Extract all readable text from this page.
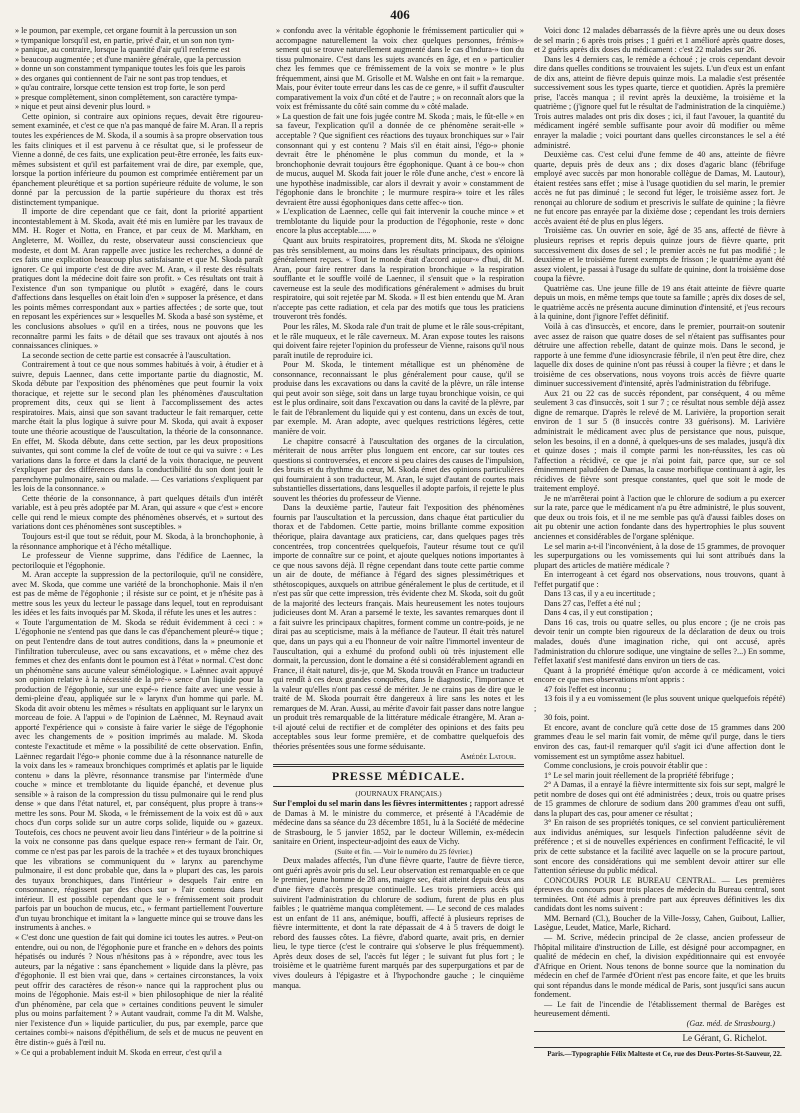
406

» le poumon, par exemple, cet organe fournit à la percussion un son

» tympanique lorsqu'il est, en partie, privé d'air, et un son non tym-

» panique, au contraire, lorsque la quantité d'air qu'il renferme est

» beaucoup augmentée ; et d'une manière générale, que la percussion

» donne un son constamment tympanique toutes les fois que les parois

» des organes qui contiennent de l'air ne sont pas trop tendues, et

» qu'au contraire, lorsque cette tension est trop forte, le son perd

» presque complètement, sinon complètement, son caractère tympa-

» nique et peut ainsi devenir plus lourd. »

Cette opinion, si contraire aux opinions reçues, devait être rigoureu-sement examinée, et c'est ce que n'a pas manqué de faire M. Aran. Il a repris toutes les expériences de M. Skoda, il a soumis à sa propre observation tous les faits cliniques et il est parvenu à ce résultat que, si le professeur de Vienne a donné, de ces faits, une explication peut-être erronée, les faits eux-mêmes subsistent et qu'il est parfaitement vrai de dire, par exemple, que, lorsque la portion inférieure du poumon est comprimée entièrement par un épanchement pleurétique et sa portion supérieure réduite de volume, le son donné par la percussion de la partie supérieure du thorax est très distinctement tympanique.

Il importe de dire cependant que ce fait, dont la priorité appartient incontestablement à M. Skoda, avait été mis en lumière par les travaux de MM. H. Roger et Notta, en France, et par ceux de M. Markham, en Angleterre, M. Woillez, du reste, observateur aussi consciencieux que modeste, et dont M. Aran rappelle avec justice les recherches, a donné de ces faits une explication beaucoup plus satisfaisante et que M. Skoda paraît ignorer. Ce qui importe c'est de dire avec M. Aran, « il reste des résultats pratiques dont la médecine doit faire son profit. » Ces résultats ont trait à l'existence d'un son tympanique ou plutôt » exagéré, dans le cours d'affections dans lesquelles on était loin d'en » supposer la présence, et dans les points mêmes correspondant aux » parties affectées ; de sorte que, tout en reposant les expériences sur » lesquelles M. Skoda a basé son système, et les conclusions absolues » qu'il en a tirées, nous ne pouvons que les reconnaître parmi les faits » de détail que ses travaux ont ajoutés à nos connaissances cliniques. »

La seconde section de cette partie est consacrée à l'auscultation.

Contrairement à tout ce que nous sommes habitués à voir, à étudier et à suivre, depuis Laennec, dans cette importante partie du diagnostic, M. Skoda débute par l'exposition des phénomènes que peut fournir la voix thoracique, et rejette sur le second plan les phénomènes d'auscultation proprement dits, ceux qui se lient à l'accomplissement des actes respiratoires. Mais, ainsi que son savant traducteur le fait remarquer, cette marche était la plus logique à suivre pour M. Skoda, qui avait à exposer toute une théorie acoustique de l'auscultation, la théorie de la consonnance. En effet, M. Skoda débute, dans cette section, par les deux propositions suivantes, qui sont comme la clef de voûte de tout ce qui va suivre : « Les variations dans la force et dans la clarté de la voix thoracique, ne peuvent s'expliquer par des différences dans la conductibilité du son dont jouit le parenchyme pulmonaire, sain ou malade. — Ces variations s'expliquent par les lois de la consonnance. »

Cette théorie de la consonnance, à part quelques détails d'un intérêt variable, est à peu près adoptée par M. Aran, qui assure « que c'est » encore celle qui rend le mieux compte des phénomènes observés, et » surtout des variations dont ces phénomènes sont susceptibles. »

Toujours est-il que tout se réduit, pour M. Skoda, à la bronchophonie, à la résonnance amphorique et à l'écho métallique.

Le professeur de Vienne supprime, dans l'édifice de Laennec, la pectoriloquie et l'égophonie.

M. Aran accepte la suppression de la pectoriloquie, qu'il ne considère, avec M. Skoda, que comme une variété de la bronchophonie. Mais il n'en est pas de même de l'égophonie ; il résiste sur ce point, et je n'hésite pas à mettre sous les yeux du lecteur le passage dans lequel, tout en reproduisant les idées et les faits invoqués par M. Skoda, il réfute les unes et les autres :

« Toute l'argumentation de M. Skoda se réduit évidemment à ceci : » L'égophonie ne s'entend pas que dans le cas d'épanchement pleuré-» tique ; on peut l'entendre dans de tout autres conditions, dans la » pneumonie et l'infiltration tuberculeuse, avec ou sans excavations, et » même chez des femmes et chez des enfants dont le poumon est à l'état » normal. C'est donc un phénomène sans aucune valeur séméiologique. » Laënnec avait appuyé son opinion relative à la nécessité de la pré-» sence d'un liquide pour la production de l'égophonie, sur une expé-» rience faite avec une vessie à demi-pleine d'eau, appliquée sur le » larynx d'un homme qui parle. M. Skoda dit avoir obtenu les mêmes » résultats en appliquant sur le larynx un morceau de foie. A l'appui » de l'opinion de Laënnec, M. Reynaud avait apporté l'expérience qui » consiste à faire varier le siège de l'égophonie avec les changements de » position imprimés au malade. M. Skoda conteste l'exactitude et même » la possibilité de cette observation. Enfin, Laënnec regardait l'égo-» phonie comme due à la résonnance naturelle de la voix dans les » rameaux bronchiques comprimés et aplatis par le liquide contenu » dans la plèvre, résonnance transmise par l'intermède d'une couche » mince et tremblotante du liquide épanché, et devenue plus sensible » à raison de la compression du tissu pulmonaire qui le rend plus dense » que dans l'état naturel, et, par conséquent, plus propre à trans-» mettre les sons. Pour M. Skoda, « le frémissement de la voix est dû » aux chocs d'un corps solide sur un autre corps solide, liquide ou » gazeux. Toutefois, ces chocs ne peuvent avoir lieu dans l'intérieur » de la poitrine si la voix ne consonne pas dans quelque espace ren-» fermant de l'air. Or, comme ce n'est pas par les parois de la trachée » et des tuyaux bronchiques que les vibrations se communiquent du » larynx au parenchyme pulmonaire, il est donc probable que, dans la » plupart des cas, les parois des tuyaux bronchiques, dans l'intérieur » desquels l'air entre en consonnance, réagissent par des chocs sur » l'air contenu dans leur intérieur. Il est possible cependant que le » frémissement soit produit parfois par un bouchon de mucus, etc., » fermant partiellement l'ouverture d'un tuyau bronchique et imitant la » languette mince qui se trouve dans les instruments à anches. »

« C'est donc une question de fait qui domine ici toutes les autres. » Peut-on entendre, oui ou non, de l'égophonie pure et franche en » dehors des points hépatisés ou indurés ? Nous n'hésitons pas à » répondre, avec tous les auteurs, par la négative : sans épanchement » liquide dans la plèvre, pas d'égophonie. Il est bien vrai que, dans » certaines circonstances, la voix peut offrir des caractères de réson-» nance qui la rapprochent plus ou moins de l'égophonie. Mais est-il » bien philosophique de nier la réalité d'un phénomène, par cela que » certaines conditions peuvent le simuler plus ou moins parfaitement ? » Autant vaudrait, comme l'a dit M. Walshe, nier l'existence d'un » liquide particulier, du pus, par exemple, parce que certaines combi-» naisons d'épithélium, de sels et de mucus ne peuvent en être distin-» gués à l'œil nu.

» Ce qui a probablement induit M. Skoda en erreur, c'est qu'il a

» confondu avec la véritable égophonie le frémissement particulier qui » accompagne naturellement la voix chez quelques personnes, frémis-» sement qui se trouve naturellement augmenté dans le cas d'indura-» tion du tissu pulmonaire. C'est dans les sujets avancés en âge, et en » particulier chez les femmes que ce frémissement de la voix se montre » le plus fréquemment, ainsi que M. Grisolle et M. Walshe en ont fait » la remarque. Mais, pour éviter toute erreur dans les cas de ce genre, » il suffit d'ausculter comparativement la voix d'un côté et de l'autre ; » on reconnaît alors que la voix est frémissante du côté sain comme du » côté malade.

» La question de fait une fois jugée contre M. Skoda ; mais, le fût-elle » en sa faveur, l'explication qu'il a donnée de ce phénomène serait-elle » acceptable ? Que signifient ces réactions des tuyaux bronchiques sur » l'air consonnant qui y est contenu ? Mais s'il en était ainsi, l'égo-» phonie devrait être le phénomène le plus commun du monde, et la » bronchophonie devrait toujours être égophonique. Quant à ce bou-» chon de mucus, auquel M. Skoda fait jouer le rôle d'une anche, c'est » encore là une hypothèse inadmissible, car alors il devrait y avoir » constamment de l'égophonie dans le bronchite ; le murmure respira-» toire et les râles devraient être aussi égophoniques dans cette affec-» tion.

» L'explication de Laennec, celle qui fait intervenir la couche mince » et tremblotante du liquide pour la production de l'égophonie, reste » donc encore la plus acceptable...... »

Quant aux bruits respiratoires, proprement dits, M. Skoda ne s'éloigne pas très sensiblement, au moins dans les résultats principaux, des opinions généralement reçues. « Tout le monde était d'accord aujour-» d'hui, dit M. Aran, pour faire rentrer dans la respiration bronchique » la respiration soufflante et le souffle voilé de Laennec, il s'ensuit que » la respiration caverneuse est la seule des modifications généralement » admises du bruit respiratoire, qui soit rejetée par M. Skoda. » Il est bien entendu que M. Aran n'accepte pas cette radiation, et cela par des motifs que tous les praticiens trouveront très fondés.

Pour les râles, M. Skoda rale d'un trait de plume et le râle sous-crépitant, et le râle muqueux, et le râle caverneux. M. Aran expose toutes les raisons qui doivent faire rejeter l'opinion du professeur de Vienne, raisons qu'il nous paraît inutile de reproduire ici.

Pour M. Skoda, le tintement métallique est un phénomène de consonnance, reconnaissant le plus généralement pour cause, qu'il se produise dans les excavations ou dans la cavité de la plèvre, un râle intense qui peut avoir son siège, soit dans un large tuyau bronchique voisin, ce qui est le plus ordinaire, soit dans l'excavation ou dans la cavité de la plèvre, par le fait de l'ébranlement du liquide qui y est contenu, dans un excès de tout, par exemple. M. Aran adopte, avec quelques restrictions légères, cette manière de voir.

Le chapitre consacré à l'auscultation des organes de la circulation, mériterait de nous arrêter plus longuem ent encore, car sur toutes ces questions si controversées, et encore si peu claires des causes de l'impulsion, des bruits et du rhythme du cœur, M. Skoda émet des opinions particulières qui fourniraient à son traducteur, M. Aran, le sujet d'autant de courtes mais substantielles dissertations, dans lesquelles il adopte parfois, il rejette le plus souvent les théories du professeur de Vienne.

Dans la deuxième partie, l'auteur fait l'exposition des phénomènes fournis par l'auscultation et la percussion, dans chaque état particulier du thorax et de l'abdomen. Cette partie, moins brillante comme exposition théorique, plaira davantage aux praticiens, car, dans quelques pages très concentrées, trop concentrées quelquefois, l'auteur résume tout ce qu'il importe de connaître sur ce point, et ajoute quelques notions importantes à ce que nous savons déjà. Il règne cependant dans toute cette partie comme un air de doute, de méfiance à l'égard des signes plessimétriques et sthétoscopiques, auxquels on attribue généralement le plus de certitude, et il n'est pas sûr que cette impression, très évidente chez M. Skoda, soit du goût de la majorité des lecteurs français. Mais heureusement les notes toujours judicieuses dont M. Aran a parsemé le texte, les savantes remarques dont il a fait suivre les principaux chapitres, forment comme un contre-poids, je ne dirai pas au scepticisme, mais à la méfiance de l'auteur. Il était très naturel que, dans un pays qui a eu l'honneur de voir naître l'immortel inventeur de l'auscultation, qui a exhumé du profond oubli où très injustement elle dormait, la percussion, dont le domaine a été si considérablement agrandi en France, il était naturel, dis-je, que M. Skoda trouvât en France un traducteur qui rendît à ces deux grandes conquêtes, dans le diagnostic, l'importance et la valeur qu'elles n'ont pas cessé de mériter. Je ne crains pas de dire que le traité de M. Skoda pourrait être dangereux à lire sans les notes et les remarques de M. Aran. Aussi, au mérite d'avoir fait passer dans notre langue un produit très remarquable de la littérature médicale étrangère, M. Aran a-t-il ajouté celui de rectifier et de compléter des opinions et des faits peu acceptables sous leur forme première, et de combattre quelquefois des théories présentées sous une forme séduisante.

Amédée Latour.

PRESSE MÉDICALE.
(JOURNAUX FRANÇAIS.)

Sur l'emploi du sel marin dans les fièvres intermittentes ; rapport adressé de Damas à M. le ministre du commerce, et présenté à l'Académie de médecine dans sa séance du 23 décembre 1851, lu à la Société de médecine de Strasbourg, le 5 janvier 1852, par le docteur Willemin, ex-médecin sanitaire en Orient, inspecteur-adjoint des eaux de Vichy.

(Suite et fin. — Voir le numéro du 25 février.)

Deux malades affectés, l'un d'une fièvre quarte, l'autre de fièvre tierce, ont guéri après avoir pris du sel. Leur observation est remarquable en ce que le premier, jeune homme de 28 ans, maigre sec, était atteint depuis deux ans d'une fièvre d'accès presque continuelle. Les trois premiers accès qui suivirent l'administration du chlorure de sodium, furent de plus en plus faibles ; le quatrième manqua complètement. — Le second de ces malades est un enfant de 11 ans, anémique, bouffi, affecté à plusieurs reprises de fièvre intermittente, et dont la rate dépassait de 4 à 5 travers de doigt le rebord des fausses côtes. La fièvre, d'abord quarte, avait pris, en dernier lieu, le type tierce (c'est le contraire qui s'observe le plus fréquemment). Après deux doses de sel, l'accès fut léger ; le suivant fut plus fort ; le troisième et le quatrième furent marqués par des superpurgations et par de vives douleurs à l'épigastre et à l'hypochondre gauche ; le cinquième manqua.

Voici donc 12 malades débarrassés de la fièvre après une ou deux doses de sel marin ; 6 après trois prises ; 1 guéri et 1 amélioré après quatre doses, et 2 guéris après dix doses du médicament : c'est 22 malades sur 26.

Dans les 4 derniers cas, le remède a échoué ; je crois cependant devoir dire dans quelles conditions se trouvaient les sujets. L'un d'eux est un enfant de dix ans, atteint de fièvre depuis quinze mois. La maladie s'est présentée successivement sous les types quarte, tierce et quotidien. Après la première prise, l'accès manqua ; il revint après la deuxième, la troisième et la quatrième ; (j'ignore quel fut le résultat de l'administration de la cinquième.) Trois autres malades ont pris dix doses ; ici, il faut l'avouer, la quantité du médicament ingéré semble suffisante pour avoir dû modifier ou même enrayer la maladie ; voici pourtant dans quelles circonstances le sel a été administré.

Deuxième cas. C'est celui d'une femme de 40 ans, atteinte de fièvre quarte, depuis près de deux ans ; dix doses d'agaric blanc (fébrifuge employé avec succès par mon honorable collègue de Damas, M. Lautour), étaient restées sans effet ; mise à l'usage quotidien du sel marin, le premier accès ne fut pas diminué ; le second fut léger, le troisième assez fort. Je renonçai au chlorure de sodium et prescrivis le sulfate de quinine ; la fièvre ne fut encore pas enrayée par la dixième dose ; cependant les trois derniers accès avaient été de plus en plus légers.

Troisième cas. Un ouvrier en soie, âgé de 35 ans, affecté de fièvre à plusieurs reprises et repris depuis quinze jours de fièvre quarte, prit successivement dix doses de sel ; le premier accès ne fut pas modifié ; le deuxième et le troisième furent exempts de frisson ; le quatrième ayant été assez violent, je passai à l'usage du sulfate de quinine, dont la troisième dose coupa la fièvre.

Quatrième cas. Une jeune fille de 19 ans était atteinte de fièvre quarte depuis un mois, en même temps que toute sa famille ; après dix doses de sel, le quatrième accès ne présenta aucune diminution d'intensité, et j'eus recours à la quinine, dont j'ignore l'effet définitif.

Voilà à cas d'insuccès, et encore, dans le premier, pourrait-on soutenir avec assez de raison que quatre doses de sel n'étaient pas suffisantes pour détruire une affection rebelle, datant de quinze mois. Dans le second, je rapporte à une femme d'une idiosyncrasie fébrile, il n'en peut être dire, chez laquelle dix doses de quinine n'ont pas réussi à couper la fièvre ; et dans le troisième de ces observations, nous voyons trois accès de fièvre quarte diminuer successivement d'intensité, après l'administration du fébrifuge.

Aux 21 ou 22 cas de succès répondent, par conséquent, 4 ou même seulement 3 cas d'insuccès, soit 1 sur 7 ; ce résultat nous semble déjà assez digne de remarque. D'après le relevé de M. Larivière, la proportion serait environ de 1 sur 5 (8 insuccès contre 33 guérisons). M. Larivière administrait le médicament avec plus de persistance que nous, puisque, selon les besoins, il en a donné, à quelques-uns de ses malades, jusqu'à dix et quinze doses ; mais il compte parmi les non-réussites, les cas où l'affection a récidivé, ce que je n'ai point fait, parce que, sur ce sol éminemment paludéen de Damas, la cause morbifique continuant à agir, les récidives de fièvre sont presque constantes, quel que soit le mode de traitement employé.

Je ne m'arrêterai point à l'action que le chlorure de sodium a pu exercer sur la rate, parce que le médicament n'a pu être administré, le plus souvent, que deux ou trois fois, et il ne me semble pas qu'à d'aussi faibles doses on ait pu obtenir une action fondante dans des hypertrophies le plus souvent anciennes et considérables de l'organe splénique.

Le sel marin a-t-il l'inconvénient, à la dose de 15 grammes, de provoquer les superpurgations ou les vomissements qui lui sont attribués dans la plupart des articles de matière médicale ?

En interrogeant à cet égard nos observations, nous trouvons, quant à l'effet purgatif que :

Dans 13 cas, il y a eu incertitude ;

Dans 27 cas, l'effet a été nul ;

Dans 4 cas, il y eut constipation ;

Dans 16 cas, trois ou quatre selles, ou plus encore ; (je ne crois pas devoir tenir un compte bien rigoureux de la déclaration de deux ou trois malades, doués d'une imagination riche, qui ont accusé, après l'administration du chlorure sodique, une vingtaine de selles ?...) En somme, l'effet laxatif s'est manifesté dans environ un tiers de cas.

Quant à la propriété émétique qu'on accorde à ce médicament, voici encore ce que mes observations m'ont appris :

47 fois l'effet est inconnu ;

13 fois il y a eu vomissement (le plus souvent unique quelquefois répété) ;

30 fois, point.

Et encore, avant de conclure qu'à cette dose de 15 grammes dans 200 grammes d'eau le sel marin fait vomir, de même qu'il purge, dans le tiers environ des cas, faut-il remarquer qu'il s'agit ici d'une affection dont le vomissement est un symptôme assez habituel.

Comme conclusions, je crois pouvoir établir que :

1° Le sel marin jouit réellement de la propriété fébrifuge ;

2° A Damas, il a enrayé la fièvre intermittente six fois sur sept, malgré le petit nombre de doses qui ont été administrées ; deux, trois ou quatre prises de 15 grammes de chlorure de sodium dans 200 grammes d'eau ont suffi, dans la plupart des cas, pour amener ce résultat ;

3° En raison de ses propriétés toniques, ce sel convient particulièrement aux individus anémiques, sur lesquels l'infection paludéenne sévit de préférence ; et si de nouvelles expériences en confirment l'efficacité, le vil prix de cette substance et la facilité avec laquelle on se la procure partout, sont encore des considérations qui me semblent devoir attirer sur elle l'attention sérieuse du public médical.

CONCOURS POUR LE BUREAU CENTRAL. — Les premières épreuves du concours pour trois places de médecin du Bureau central, sont terminées. Ont été admis à prendre part aux épreuves définitives les dix candidats dont les noms suivent :

MM. Bernard (Cl.), Boucher de la Ville-Jossy, Cahen, Guibout, Lallier, Lasègue, Leudet, Matice, Marle, Richard.

— M. Scrive, médecin principal de 2e classe, ancien professeur de l'hôpital militaire d'instruction de Lille, est désigné pour accompagner, en qualité de médecin en chef, la division expéditionnaire qui est envoyée d'Afrique en Orient. Nous tenons de bonne source que la nomination du médecin en chef de l'armée d'Orient n'est pas encore faite, et que les bruits qui sont répandus dans le monde médical de Paris, sont jusqu'ici sans aucun fondement.

— Le fait de l'incendie de l'établissement thermal de Barèges est heureusement démenti.

(Gaz. méd. de Strasbourg.)

Le Gérant, G. Richelot.

Paris.—Typographie Félix Malteste et Ce, rue des Deux-Portes-St-Sauveur, 22.
